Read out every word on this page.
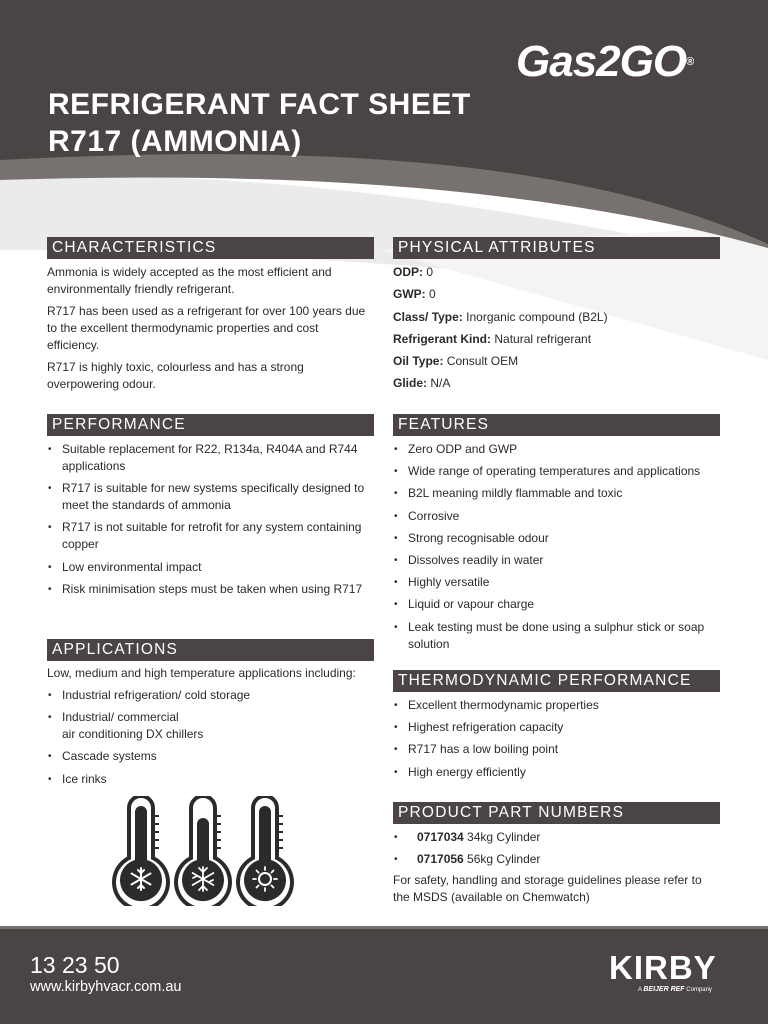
Gas2GO®
REFRIGERANT FACT SHEET
R717 (AMMONIA)
CHARACTERISTICS

Ammonia is widely accepted as the most efficient and environmentally friendly refrigerant.

R717 has been used as a refrigerant for over 100 years due to the excellent thermodynamic properties and cost efficiency.

R717 is highly toxic, colourless and has a strong overpowering odour.

PERFORMANCE
• Suitable replacement for R22, R134a, R404A and R744 applications
• R717 is suitable for new systems specifically designed to meet the standards of ammonia
• R717 is not suitable for retrofit for any system containing copper
• Low environmental impact
• Risk minimisation steps must be taken when using R717
APPLICATIONS

Low, medium and high temperature applications including:

• Industrial refrigeration/ cold storage
• Industrial/ commercial
air conditioning DX chillers
• Cascade systems
• Ice rinks
PHYSICAL ATTRIBUTES
ODP: 0
GWP: 0
Class/ Type: Inorganic compound (B2L)
Refrigerant Kind: Natural refrigerant
Oil Type: Consult OEM
Glide: N/A
FEATURES
• Zero ODP and GWP
• Wide range of operating temperatures and applications
• B2L meaning mildly flammable and toxic
• Corrosive
• Strong recognisable odour
• Dissolves readily in water
• Highly versatile
• Liquid or vapour charge
• Leak testing must be done using a sulphur stick or soap solution
THERMODYNAMIC PERFORMANCE
• Excellent thermodynamic properties
• Highest refrigeration capacity
• R717 has a low boiling point
• High energy efficiently
PRODUCT PART NUMBERS
• 0717034 34kg Cylinder
• 0717056 56kg Cylinder

For safety, handling and storage guidelines please refer to the MSDS (available on Chemwatch)

13 23 50
www.kirbyhvacr.com.au
KIRBY
A BEIJER REF Company
